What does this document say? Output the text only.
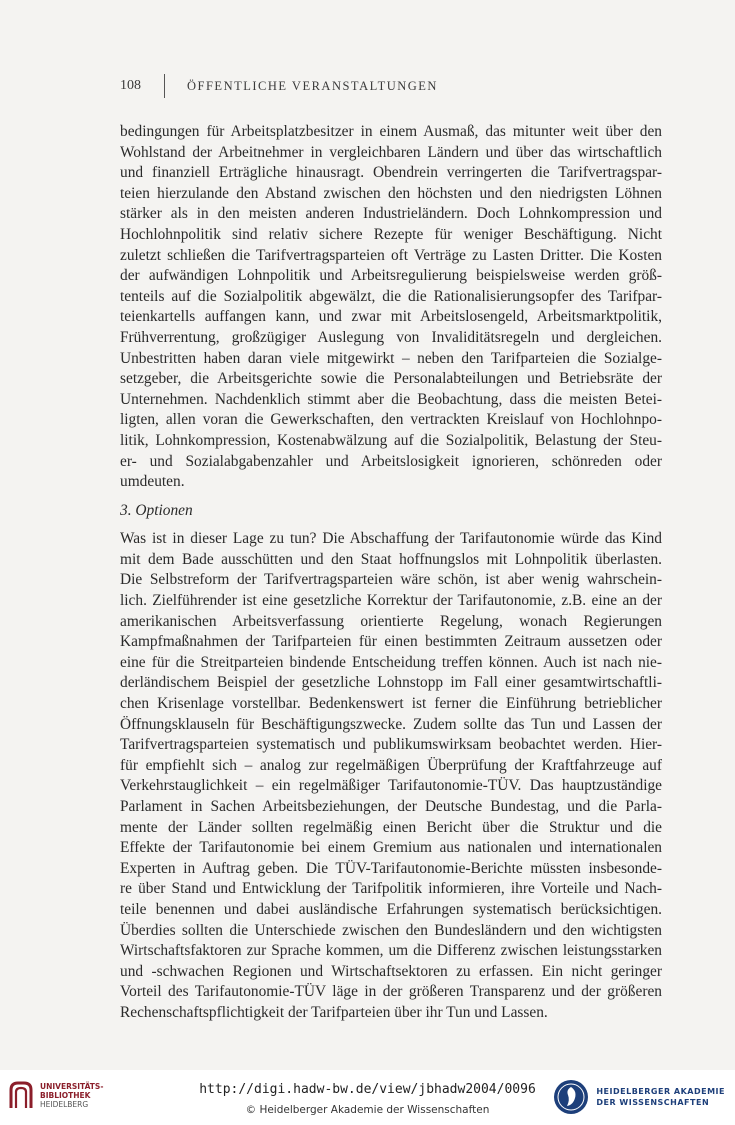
108	ÖFFENTLICHE VERANSTALTUNGEN
bedingungen für Arbeitsplatzbesitzer in einem Ausmaß, das mitunter weit über den
Wohlstand der Arbeitnehmer in vergleichbaren Ländern und über das wirtschaftlich
und finanziell Erträgliche hinausragt. Obendrein verringerten die Tarifvertragspar-
teien hierzulande den Abstand zwischen den höchsten und den niedrigsten Löhnen
stärker als in den meisten anderen Industrieländern. Doch Lohnkompression und
Hochlohnpolitik sind relativ sichere Rezepte für weniger Beschäftigung. Nicht
zuletzt schließen die Tarifvertragsparteien oft Verträge zu Lasten Dritter. Die Kosten
der aufwändigen Lohnpolitik und Arbeitsregulierung beispielsweise werden größ-
tenteils auf die Sozialpolitik abgewälzt, die die Rationalisierungsopfer des Tarifpar-
teienkartells auffangen kann, und zwar mit Arbeitslosengeld, Arbeitsmarktpolitik,
Frühverrentung, großzügiger Auslegung von Invaliditätsregeln und dergleichen.
Unbestritten haben daran viele mitgewirkt – neben den Tarifparteien die Sozialge-
setzgeber, die Arbeitsgerichte sowie die Personalabteilungen und Betriebsräte der
Unternehmen. Nachdenklich stimmt aber die Beobachtung, dass die meisten Betei-
ligten, allen voran die Gewerkschaften, den vertrackten Kreislauf von Hochlohnpo-
litik, Lohnkompression, Kostenabwälzung auf die Sozialpolitik, Belastung der Steu-
er- und Sozialabgabenzahler und Arbeitslosigkeit ignorieren, schönreden oder
umdeuten.
3. Optionen
Was ist in dieser Lage zu tun? Die Abschaffung der Tarifautonomie würde das Kind
mit dem Bade ausschütten und den Staat hoffnungslos mit Lohnpolitik überlasten.
Die Selbstreform der Tarifvertragsparteien wäre schön, ist aber wenig wahrschein-
lich. Zielführender ist eine gesetzliche Korrektur der Tarifautonomie, z.B. eine an der
amerikanischen Arbeitsverfassung orientierte Regelung, wonach Regierungen
Kampfmaßnahmen der Tarifparteien für einen bestimmten Zeitraum aussetzen oder
eine für die Streitparteien bindende Entscheidung treffen können. Auch ist nach nie-
derländischem Beispiel der gesetzliche Lohnstopp im Fall einer gesamtwirtschaftli-
chen Krisenlage vorstellbar. Bedenkenswert ist ferner die Einführung betrieblicher
Öffnungsklauseln für Beschäftigungszwecke. Zudem sollte das Tun und Lassen der
Tarifvertragsparteien systematisch und publikumswirksam beobachtet werden. Hier-
für empfiehlt sich – analog zur regelmäßigen Überprüfung der Kraftfahrzeuge auf
Verkehrstauglichkeit – ein regelmäßiger Tarifautonomie-TÜV. Das hauptzuständige
Parlament in Sachen Arbeitsbeziehungen, der Deutsche Bundestag, und die Parla-
mente der Länder sollten regelmäßig einen Bericht über die Struktur und die
Effekte der Tarifautonomie bei einem Gremium aus nationalen und internationalen
Experten in Auftrag geben. Die TÜV-Tarifautonomie-Berichte müssten insbesonde-
re über Stand und Entwicklung der Tarifpolitik informieren, ihre Vorteile und Nach-
teile benennen und dabei ausländische Erfahrungen systematisch berücksichtigen.
Überdies sollten die Unterschiede zwischen den Bundesländern und den wichtigsten
Wirtschaftsfaktoren zur Sprache kommen, um die Differenz zwischen leistungsstarken
und -schwachen Regionen und Wirtschaftsektoren zu erfassen. Ein nicht geringer
Vorteil des Tarifautonomie-TÜV läge in der größeren Transparenz und der größeren
Rechenschaftspflichtigkeit der Tarifparteien über ihr Tun und Lassen.
UNIVERSITÄTS-
BIBLIOTHEK
HEIDELBERG
http://digi.hadw-bw.de/view/jbhadw2004/0096
© Heidelberger Akademie der Wissenschaften
HEIDELBERGER AKADEMIE
DER WISSENSCHAFTEN
